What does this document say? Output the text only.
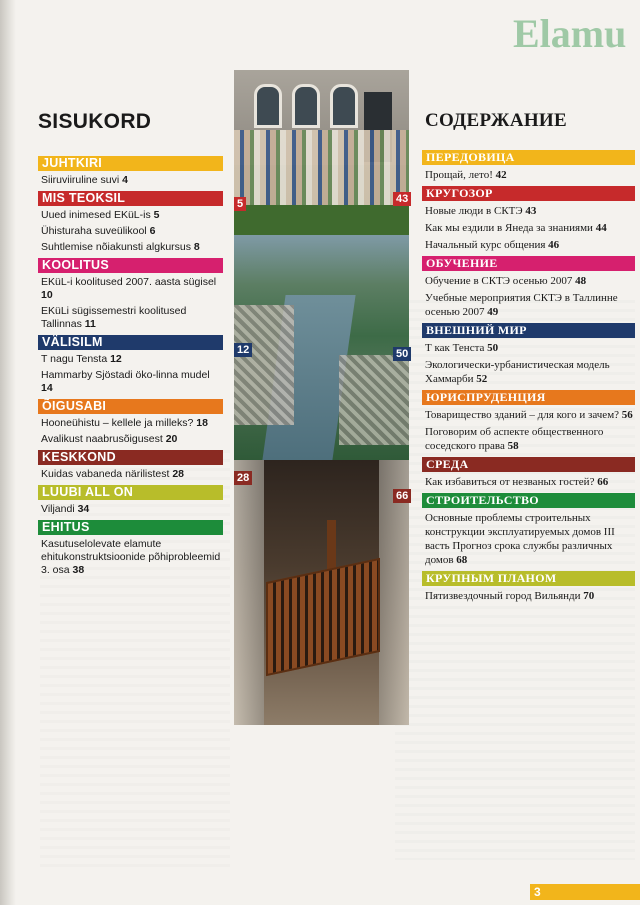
Elamu
SISUKORD	СОДЕРЖАНИЕ
JUHTKIRI
Siiruviiruline suvi 4
MIS TEOKSIL
Uued inimesed EKüL-is 5
Ühisturaha suveülikool 6
Suhtlemise nõiakunsti algkursus 8
KOOLITUS
EKüL-i koolitused 2007. aasta sügisel 10
EKüLi sügissemestri koolitused Tallinnas 11
VÄLISILM
T nagu Tensta 12
Hammarby Sjöstadi öko-linna mudel 14
ÕIGUSABI
Hooneühistu – kellele ja milleks? 18
Avalikust naabrusõigusest 20
KESKKOND
Kuidas vabaneda närilistest 28
LUUBI ALL ON
Viljandi 34
EHITUS
Kasutuselolevate elamute ehitukonstruktsioonide põhiprobleemid 3. osa 38
ПЕРЕДОВИЦА
Прощай, лето! 42
КРУГОЗОР
Новые люди в СКТЭ 43
Как мы ездили в Янеда за знаниями 44
Начальный курс общения 46
ОБУЧЕНИЕ
Обучение в СКТЭ осенью 2007 48
Учебные мероприятия СКТЭ в Таллинне осенью 2007 49
ВНЕШНИЙ МИР
Т как Тенста 50
Экологически-урбанистическая модель Хаммарби 52
ЮРИСПРУДЕНЦИЯ
Товарищество зданий – для кого и зачем? 56
Поговорим об аспекте общественного соседского права 58
СРЕДА
Как избавиться от незваных гостей? 66
СТРОИТЕЛЬСТВО
Основные проблемы строительных конструкции эксплуатируемых домов III васть Прогноз срока службы различных домов 68
КРУПНЫМ ПЛАНОМ
Пятизвездочный город Вильянди 70
5	43
12	50
28
66
3
